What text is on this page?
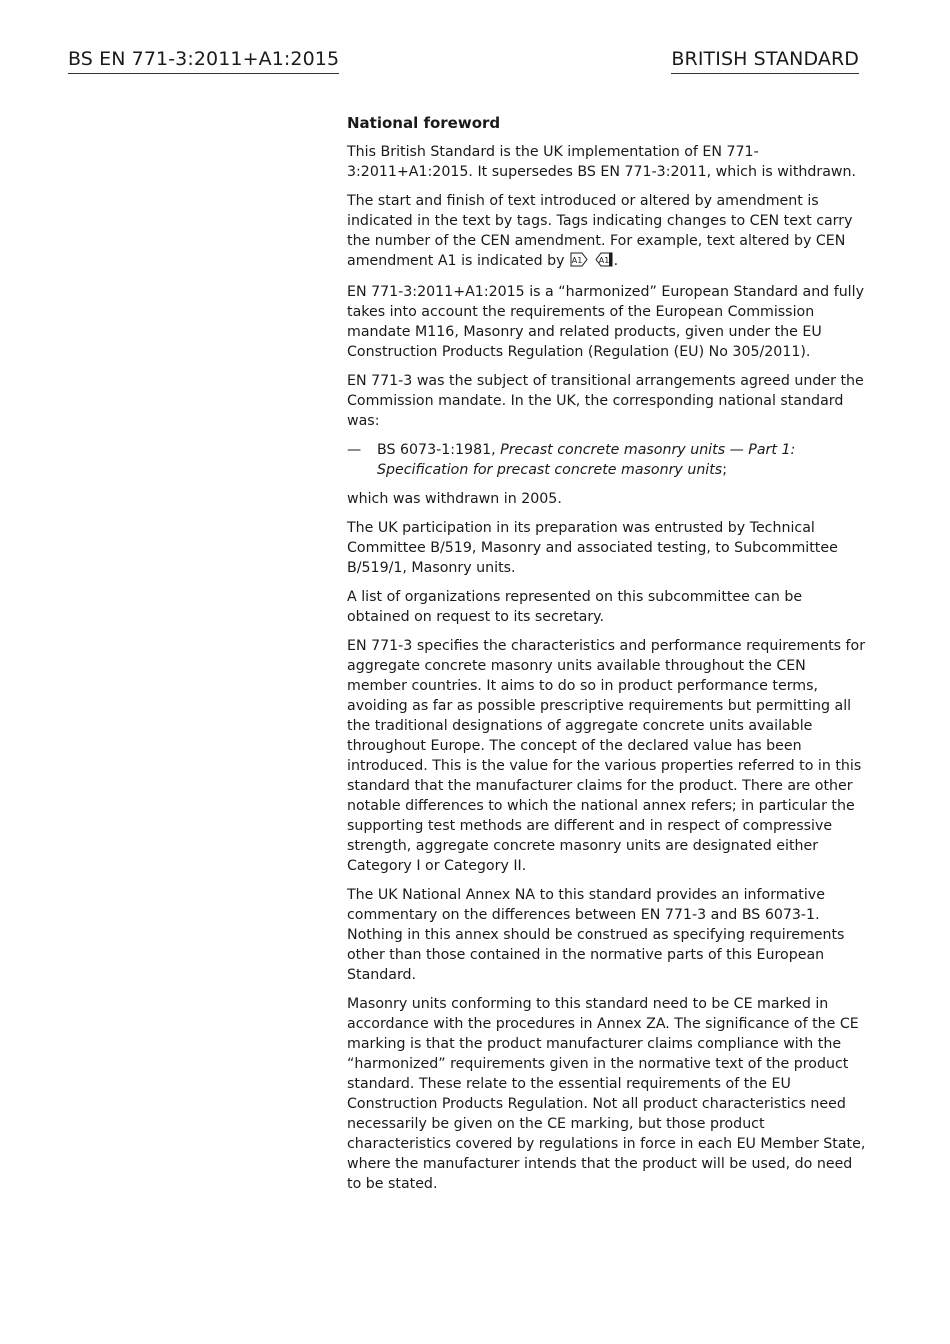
BS EN 771-3:2011+A1:2015	BRITISH STANDARD
National foreword

This British Standard is the UK implementation of EN 771-3:2011+A1:2015. It supersedes BS EN 771-3:2011, which is withdrawn.

The start and finish of text introduced or altered by amendment is indicated in the text by tags. Tags indicating changes to CEN text carry the number of the CEN amendment. For example, text altered by CEN amendment A1 is indicated by A1
A1 .

EN 771-3:2011+A1:2015 is a “harmonized” European Standard and fully takes into account the requirements of the European Commission mandate M116, Masonry and related products, given under the EU Construction Products Regulation (Regulation (EU) No 305/2011).

EN 771-3 was the subject of transitional arrangements agreed under the Commission mandate. In the UK, the corresponding national standard was:

— BS 6073-1:1981, Precast concrete masonry units — Part 1: Specification for precast concrete masonry units;

which was withdrawn in 2005.

The UK participation in its preparation was entrusted by Technical Committee B/519, Masonry and associated testing, to Subcommittee B/519/1, Masonry units.

A list of organizations represented on this subcommittee can be obtained on request to its secretary.

EN 771-3 specifies the characteristics and performance requirements for aggregate concrete masonry units available throughout the CEN member countries. It aims to do so in product performance terms, avoiding as far as possible prescriptive requirements but permitting all the traditional designations of aggregate concrete units available throughout Europe. The concept of the declared value has been introduced. This is the value for the various properties referred to in this standard that the manufacturer claims for the product. There are other notable differences to which the national annex refers; in particular the supporting test methods are different and in respect of compressive strength, aggregate concrete masonry units are designated either Category I or Category II.

The UK National Annex NA to this standard provides an informative commentary on the differences between EN 771-3 and BS 6073-1. Nothing in this annex should be construed as specifying requirements other than those contained in the normative parts of this European Standard.

Masonry units conforming to this standard need to be CE marked in accordance with the procedures in Annex ZA. The significance of the CE marking is that the product manufacturer claims compliance with the “harmonized” requirements given in the normative text of the product standard. These relate to the essential requirements of the EU Construction Products Regulation. Not all product characteristics need necessarily be given on the CE marking, but those product characteristics covered by regulations in force in each EU Member State, where the manufacturer intends that the product will be used, do need to be stated.
